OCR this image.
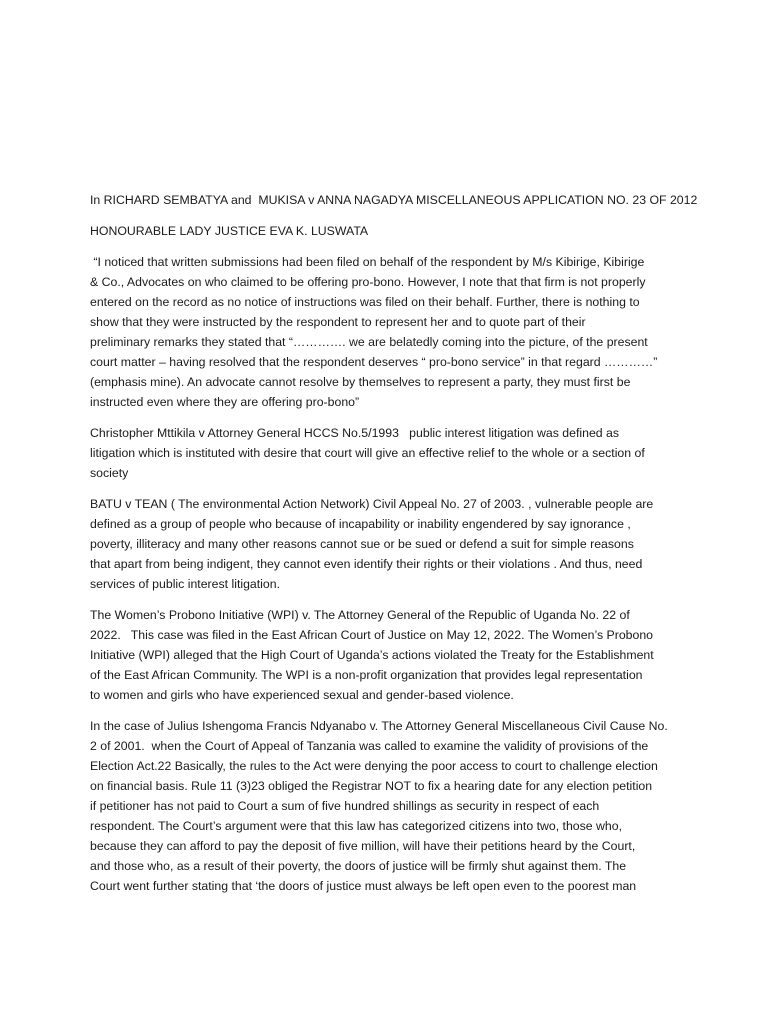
In RICHARD SEMBATYA and  MUKISA v ANNA NAGADYA MISCELLANEOUS APPLICATION NO. 23 OF 2012

HONOURABLE LADY JUSTICE EVA K. LUSWATA

“I noticed that written submissions had been filed on behalf of the respondent by M/s Kibirige, Kibirige
& Co., Advocates on who claimed to be offering pro-bono. However, I note that that firm is not properly
entered on the record as no notice of instructions was filed on their behalf. Further, there is nothing to
show that they were instructed by the respondent to represent her and to quote part of their
preliminary remarks they stated that “…………. we are belatedly coming into the picture, of the present
court matter – having resolved that the respondent deserves “ pro-bono service” in that regard …………”
(emphasis mine). An advocate cannot resolve by themselves to represent a party, they must first be
instructed even where they are offering pro-bono”

Christopher Mttikila v Attorney General HCCS No.5/1993   public interest litigation was defined as
litigation which is instituted with desire that court will give an effective relief to the whole or a section of
society

BATU v TEAN ( The environmental Action Network) Civil Appeal No. 27 of 2003. , vulnerable people are
defined as a group of people who because of incapability or inability engendered by say ignorance ,
poverty, illiteracy and many other reasons cannot sue or be sued or defend a suit for simple reasons
that apart from being indigent, they cannot even identify their rights or their violations . And thus, need
services of public interest litigation.

The Women’s Probono Initiative (WPI) v. The Attorney General of the Republic of Uganda No. 22 of
2022.   This case was filed in the East African Court of Justice on May 12, 2022. The Women’s Probono
Initiative (WPI) alleged that the High Court of Uganda’s actions violated the Treaty for the Establishment
of the East African Community. The WPI is a non-profit organization that provides legal representation
to women and girls who have experienced sexual and gender-based violence.

In the case of Julius Ishengoma Francis Ndyanabo v. The Attorney General Miscellaneous Civil Cause No.
2 of 2001.  when the Court of Appeal of Tanzania was called to examine the validity of provisions of the
Election Act.22 Basically, the rules to the Act were denying the poor access to court to challenge election
on financial basis. Rule 11 (3)23 obliged the Registrar NOT to fix a hearing date for any election petition
if petitioner has not paid to Court a sum of five hundred shillings as security in respect of each
respondent. The Court’s argument were that this law has categorized citizens into two, those who,
because they can afford to pay the deposit of five million, will have their petitions heard by the Court,
and those who, as a result of their poverty, the doors of justice will be firmly shut against them. The
Court went further stating that ‘the doors of justice must always be left open even to the poorest man
